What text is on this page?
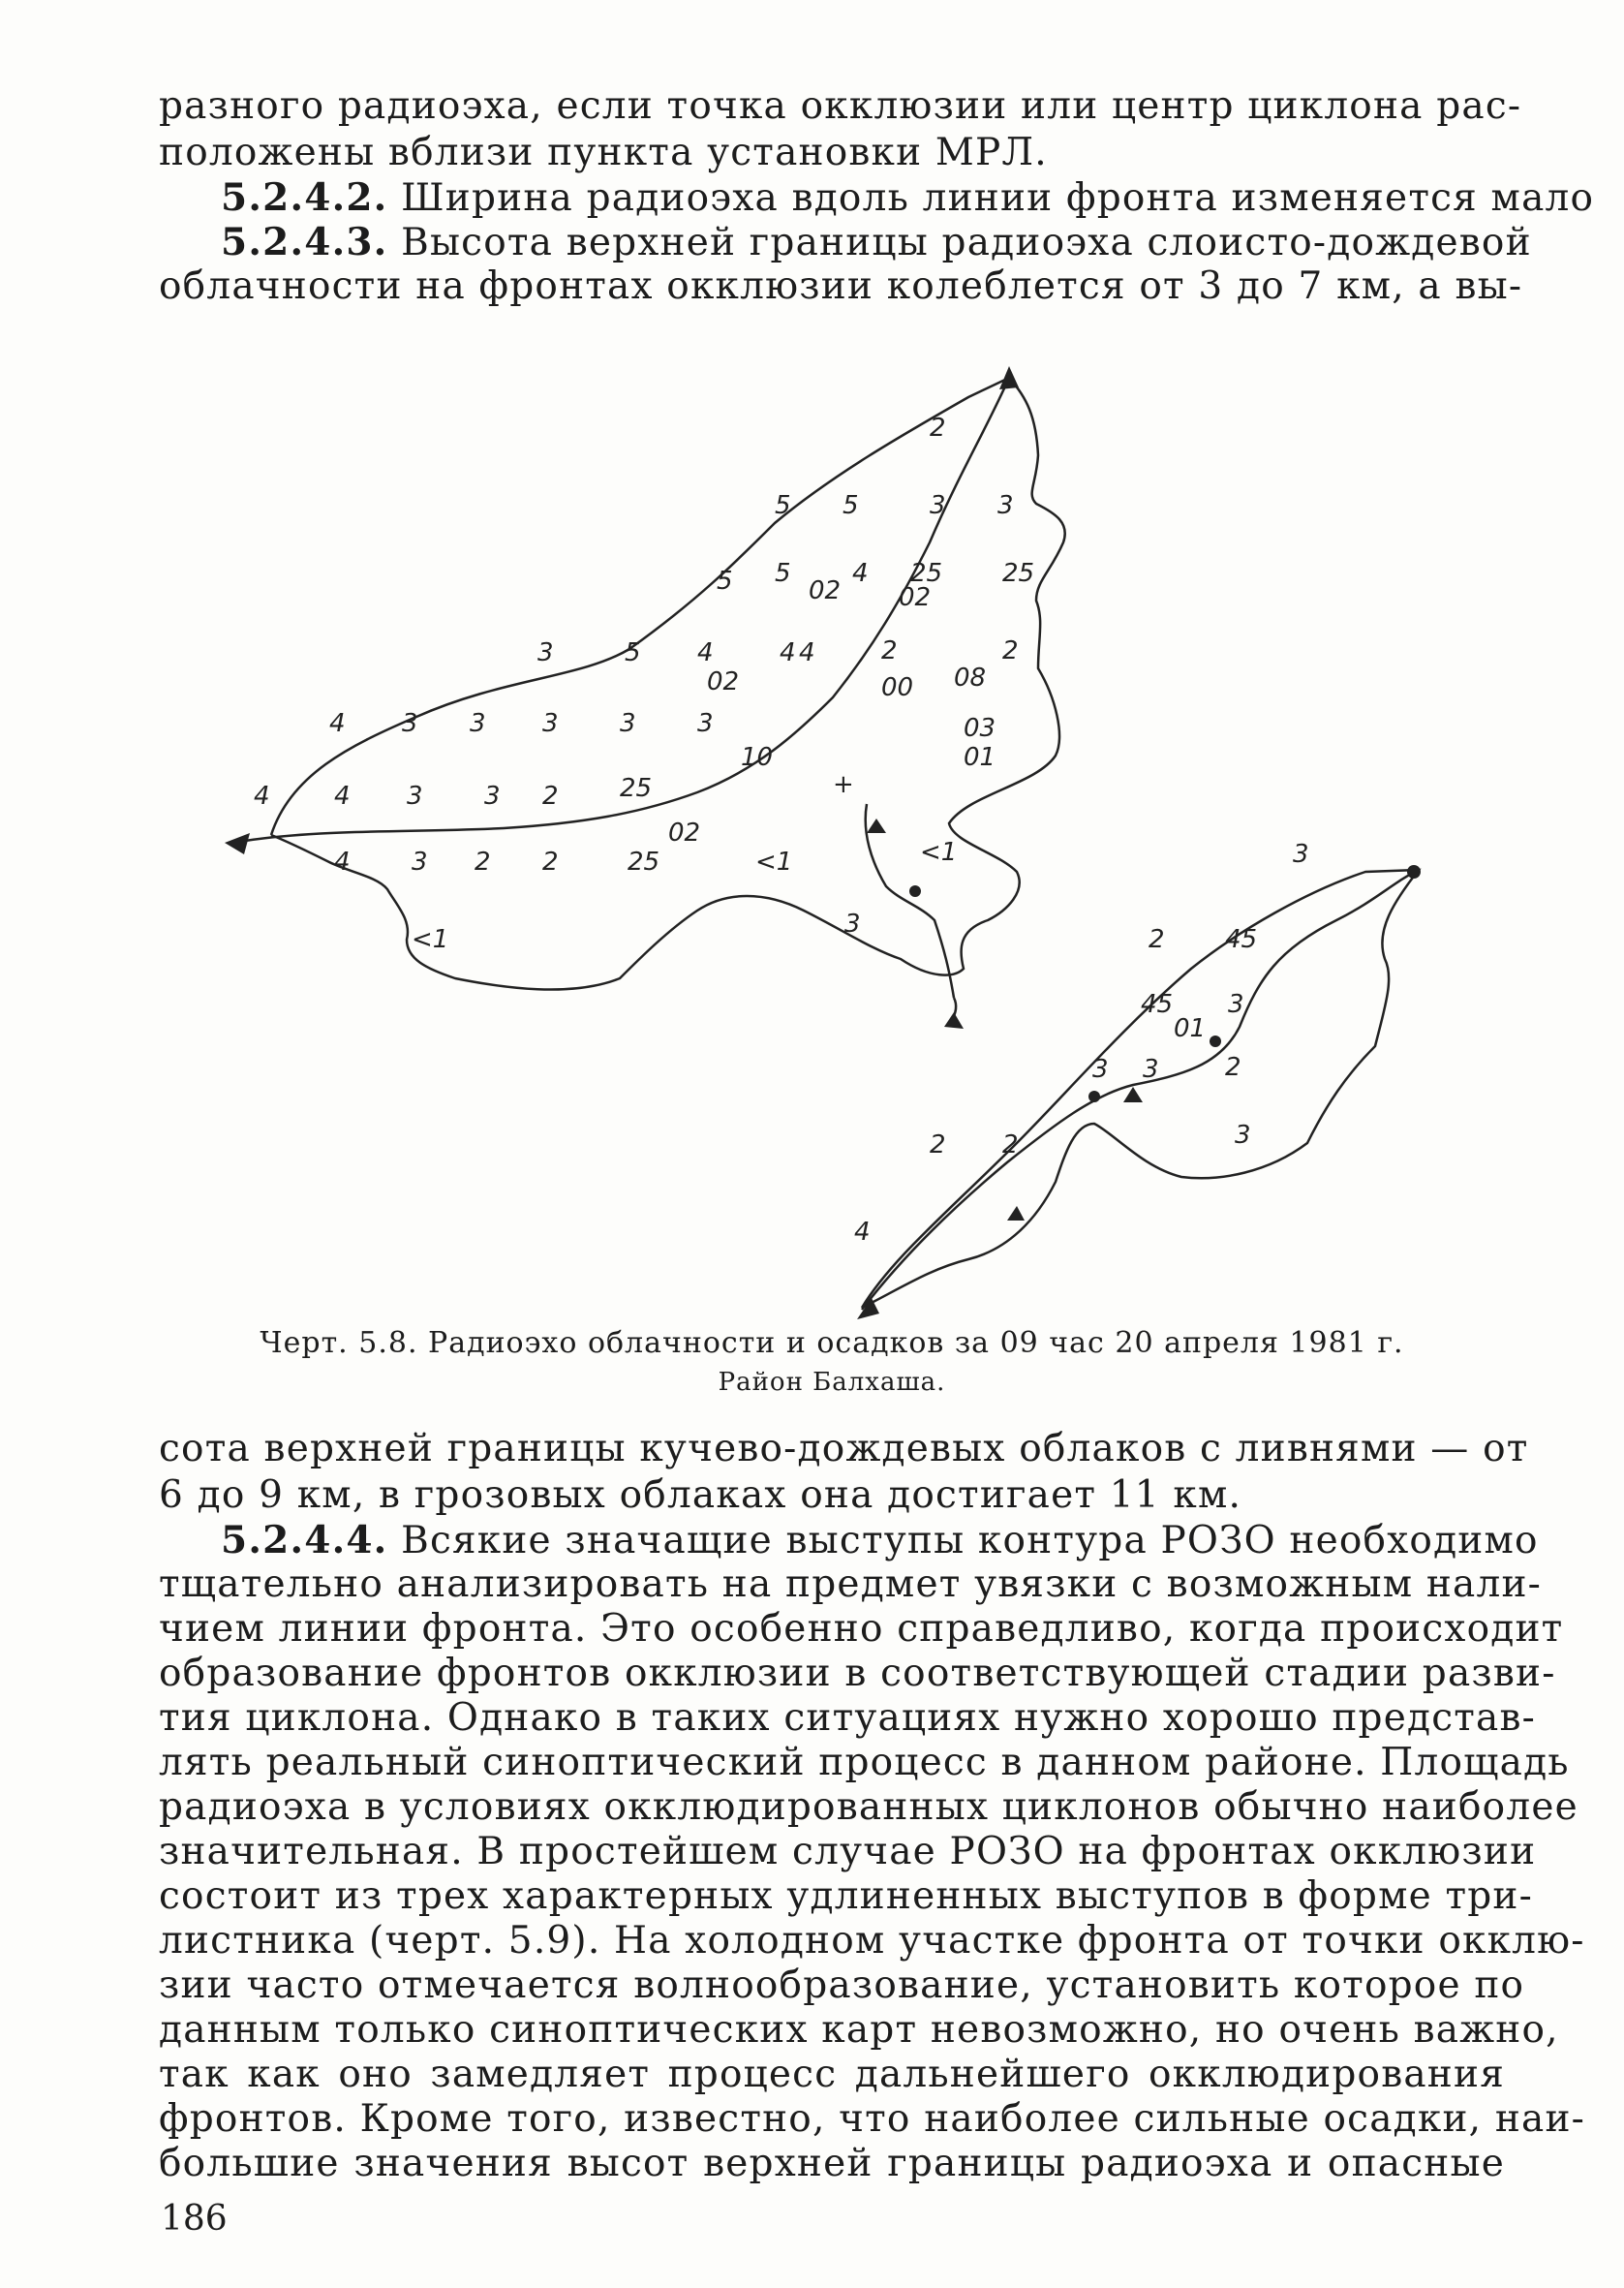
разного радиоэха, если точка окклюзии или центр циклона рас-
положены вблизи пункта установки МРЛ.
5.2.4.2. Ширина радиоэха вдоль линии фронта изменяется мало
5.2.4.3. Высота верхней границы радиоэха слоисто-дождевой
облачности на фронтах окклюзии колеблется от 3 до 7 км, а вы-
2
5 5	3 3
5 5
02
4 25
02
25
3	5 4	4
02
4	2
00 08
2
4 3 3 3 3 3	03
01
10
4	4 3 3 2 25
02
+
4 3 2 2	25	<1	<1
3
<1
3
2 45
45
01
3
3 3	2
3
2 2
4
Черт. 5.8. Радиоэхо облачности и осадков за 09 час 20 апреля 1981 г.
Район Балхаша.
сота верхней границы кучево-дождевых облаков с ливнями — от
6 до 9 км, в грозовых облаках она достигает 11 км.
5.2.4.4. Всякие значащие выступы контура РОЗО необходимо
тщательно анализировать на предмет увязки с возможным нали-
чием линии фронта. Это особенно справедливо, когда происходит
образование фронтов окклюзии в соответствующей стадии разви-
тия циклона. Однако в таких ситуациях нужно хорошо представ-
лять реальный синоптический процесс в данном районе. Площадь
радиоэха в условиях окклюдированных циклонов обычно наиболее
значительная. В простейшем случае РОЗО на фронтах окклюзии
состоит из трех характерных удлиненных выступов в форме три-
листника (черт. 5.9). На холодном участке фронта от точки окклю-
зии часто отмечается волнообразование, установить которое по
данным только синоптических карт невозможно, но очень важно,
так как оно замедляет процесс дальнейшего окклюдирования
фронтов. Кроме того, известно, что наиболее сильные осадки, наи-
большие значения высот верхней границы радиоэха и опасные
186
